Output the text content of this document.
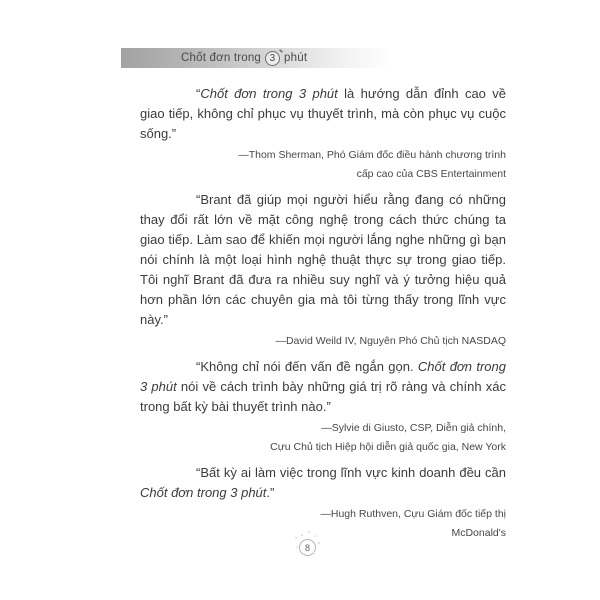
Chốt đơn trong 3 phút

“Chốt đơn trong 3 phút là hướng dẫn đỉnh cao về giao tiếp, không chỉ phục vụ thuyết trình, mà còn phục vụ cuộc sống.”

—Thom Sherman, Phó Giám đốc điều hành chương trình
cấp cao của CBS Entertainment

“Brant đã giúp mọi người hiểu rằng đang có những thay đổi rất lớn về mặt công nghệ trong cách thức chúng ta giao tiếp. Làm sao để khiến mọi người lắng nghe những gì bạn nói chính là một loại hình nghệ thuật thực sự trong giao tiếp. Tôi nghĩ Brant đã đưa ra nhiều suy nghĩ và ý tưởng hiệu quả hơn phần lớn các chuyên gia mà tôi từng thấy trong lĩnh vực này.”

—David Weild IV, Nguyên Phó Chủ tịch NASDAQ

“Không chỉ nói đến vấn đề ngắn gọn. Chốt đơn trong 3 phút nói về cách trình bày những giá trị rõ ràng và chính xác trong bất kỳ bài thuyết trình nào.”

—Sylvie di Giusto, CSP, Diễn giả chính,
Cựu Chủ tịch Hiệp hội diễn giả quốc gia, New York

“Bất kỳ ai làm việc trong lĩnh vực kinh doanh đều cần Chốt đơn trong 3 phút.”

—Hugh Ruthven, Cựu Giám đốc tiếp thị
McDonald's

8
